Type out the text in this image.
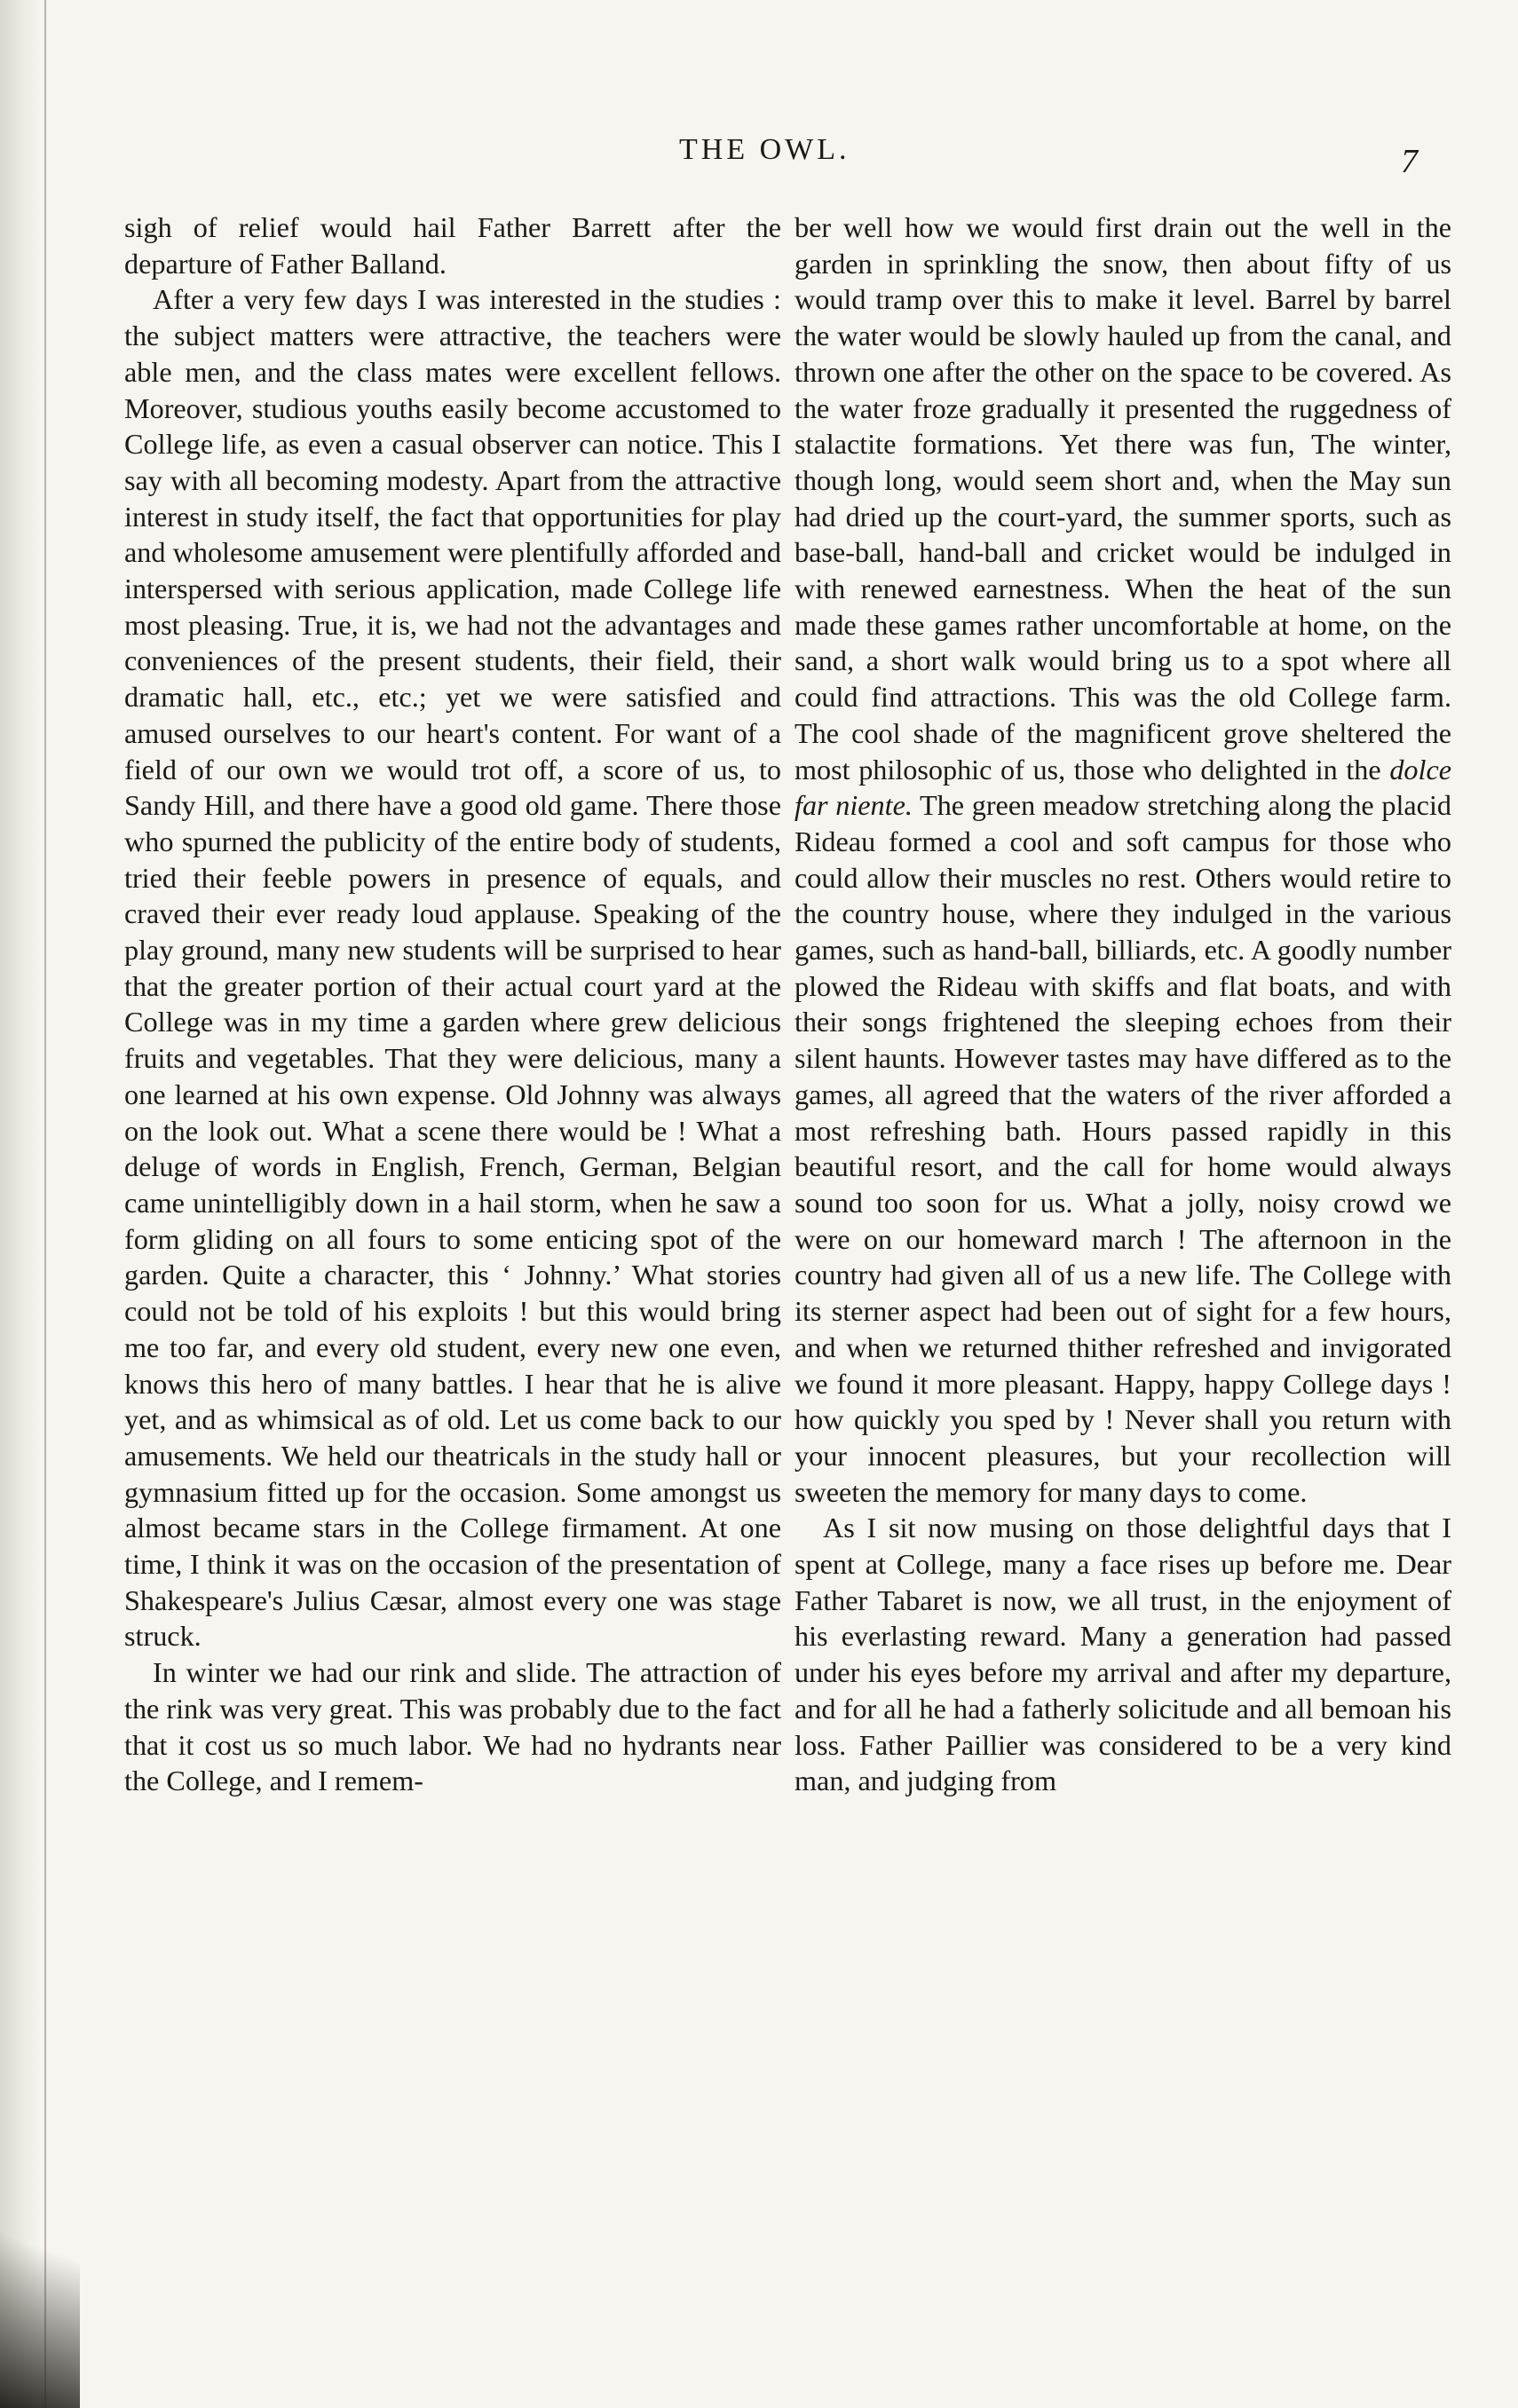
THE OWL.	7

sigh of relief would hail Father Barrett after the departure of Father Balland.

After a very few days I was interested in the studies : the subject matters were attractive, the teachers were able men, and the class mates were excellent fellows. Moreover, studious youths easily become accustomed to College life, as even a casual observer can notice. This I say with all becoming modesty. Apart from the attractive interest in study itself, the fact that opportunities for play and wholesome amusement were plentifully afforded and interspersed with serious application, made College life most pleasing. True, it is, we had not the advantages and conveniences of the present students, their field, their dramatic hall, etc., etc.; yet we were satisfied and amused ourselves to our heart's content. For want of a field of our own we would trot off, a score of us, to Sandy Hill, and there have a good old game. There those who spurned the publicity of the entire body of students, tried their feeble powers in presence of equals, and craved their ever ready loud applause. Speaking of the play ground, many new students will be surprised to hear that the greater portion of their actual court yard at the College was in my time a garden where grew delicious fruits and vegetables. That they were delicious, many a one learned at his own expense. Old Johnny was always on the look out. What a scene there would be ! What a deluge of words in English, French, German, Belgian came unintelligibly down in a hail storm, when he saw a form gliding on all fours to some enticing spot of the garden. Quite a character, this ‘ Johnny.’ What stories could not be told of his exploits ! but this would bring me too far, and every old student, every new one even, knows this hero of many battles. I hear that he is alive yet, and as whimsical as of old. Let us come back to our amusements. We held our theatricals in the study hall or gymnasium fitted up for the occasion. Some amongst us almost became stars in the College firmament. At one time, I think it was on the occasion of the presentation of Shakespeare's Julius Cæsar, almost every one was stage struck.

In winter we had our rink and slide. The attraction of the rink was very great. This was probably due to the fact that it cost us so much labor. We had no hydrants near the College, and I remem-

ber well how we would first drain out the well in the garden in sprinkling the snow, then about fifty of us would tramp over this to make it level. Barrel by barrel the water would be slowly hauled up from the canal, and thrown one after the other on the space to be covered. As the water froze gradually it presented the ruggedness of stalactite formations. Yet there was fun, The winter, though long, would seem short and, when the May sun had dried up the court-yard, the summer sports, such as base-ball, hand-ball and cricket would be indulged in with renewed earnestness. When the heat of the sun made these games rather uncomfortable at home, on the sand, a short walk would bring us to a spot where all could find attractions. This was the old College farm. The cool shade of the magnificent grove sheltered the most philosophic of us, those who delighted in the dolce far niente. The green meadow stretching along the placid Rideau formed a cool and soft campus for those who could allow their muscles no rest. Others would retire to the country house, where they indulged in the various games, such as hand-ball, billiards, etc. A goodly number plowed the Rideau with skiffs and flat boats, and with their songs frightened the sleeping echoes from their silent haunts. However tastes may have differed as to the games, all agreed that the waters of the river afforded a most refreshing bath. Hours passed rapidly in this beautiful resort, and the call for home would always sound too soon for us. What a jolly, noisy crowd we were on our homeward march ! The afternoon in the country had given all of us a new life. The College with its sterner aspect had been out of sight for a few hours, and when we returned thither refreshed and invigorated we found it more pleasant. Happy, happy College days ! how quickly you sped by ! Never shall you return with your innocent pleasures, but your recollection will sweeten the memory for many days to come.

As I sit now musing on those delightful days that I spent at College, many a face rises up before me. Dear Father Tabaret is now, we all trust, in the enjoyment of his everlasting reward. Many a generation had passed under his eyes before my arrival and after my departure, and for all he had a fatherly solicitude and all bemoan his loss. Father Paillier was considered to be a very kind man, and judging from
